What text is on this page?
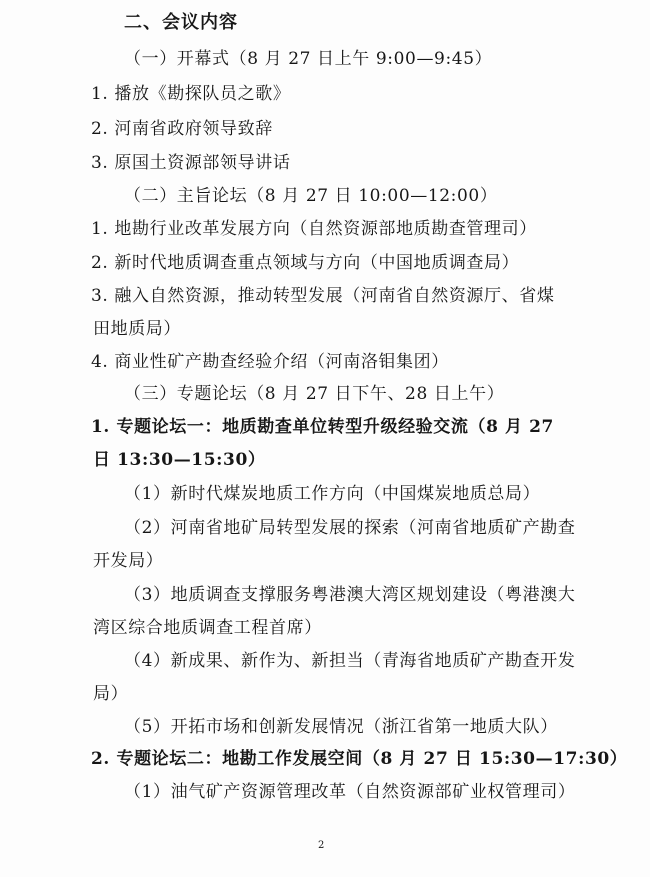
二、会议内容
（一）开幕式（8 月 27 日上午 9:00—9:45）
1. 播放《勘探队员之歌》
2. 河南省政府领导致辞
3. 原国土资源部领导讲话
（二）主旨论坛（8 月 27 日 10:00—12:00）
1. 地勘行业改革发展方向（自然资源部地质勘查管理司）
2. 新时代地质调查重点领域与方向（中国地质调查局）
3. 融入自然资源，推动转型发展（河南省自然资源厅、省煤
田地质局）
4. 商业性矿产勘查经验介绍（河南洛钼集团）
（三）专题论坛（8 月 27 日下午、28 日上午）
1. 专题论坛一：地质勘查单位转型升级经验交流（8 月 27
日 13:30—15:30）
（1）新时代煤炭地质工作方向（中国煤炭地质总局）
（2）河南省地矿局转型发展的探索（河南省地质矿产勘查
开发局）
（3）地质调查支撑服务粤港澳大湾区规划建设（粤港澳大
湾区综合地质调查工程首席）
（4）新成果、新作为、新担当（青海省地质矿产勘查开发
局）
（5）开拓市场和创新发展情况（浙江省第一地质大队）
2. 专题论坛二：地勘工作发展空间（8 月 27 日 15:30—17:30）
（1）油气矿产资源管理改革（自然资源部矿业权管理司）
2
